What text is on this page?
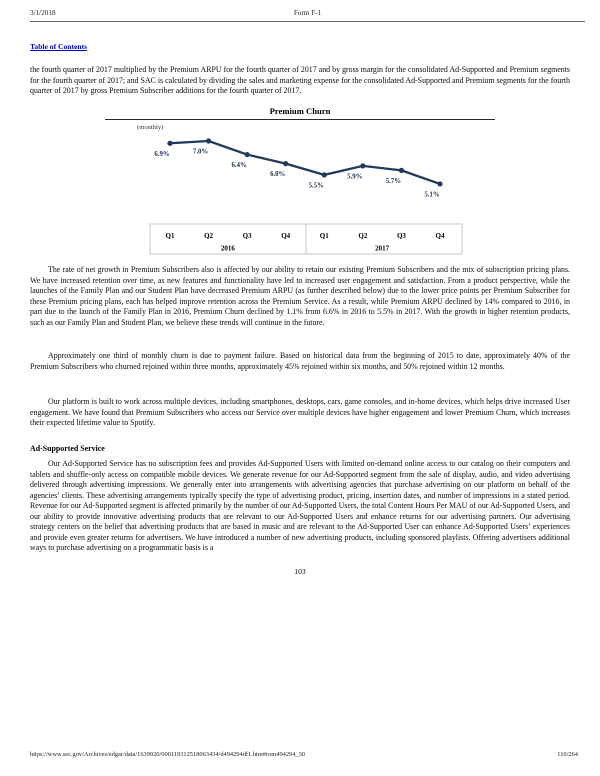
3/1/2018	Form F-1
Table of Contents
the fourth quarter of 2017 multiplied by the Premium ARPU for the fourth quarter of 2017 and by gross margin for the consolidated Ad-Supported and Premium segments for the fourth quarter of 2017; and SAC is calculated by dividing the sales and marketing expense for the consolidated Ad-Supported and Premium segments for the fourth quarter of 2017 by gross Premium Subscriber additions for the fourth quarter of 2017.
Premium Churn
(monthly)
6.9%
Q1
7.0%
Q2
6.4%
Q3
6.0%
Q4
5.5%
Q1
5.9%
Q2
5.7%
Q3
5.1%
Q4
2016	2017
The rate of net growth in Premium Subscribers also is affected by our ability to retain our existing Premium Subscribers and the mix of subscription pricing plans. We have increased retention over time, as new features and functionality have led to increased user engagement and satisfaction. From a product perspective, while the launches of the Family Plan and our Student Plan have decreased Premium ARPU (as further described below) due to the lower price points per Premium Subscriber for these Premium pricing plans, each has helped improve retention across the Premium Service. As a result, while Premium ARPU declined by 14% compared to 2016, in part due to the launch of the Family Plan in 2016, Premium Churn declined by 1.1% from 6.6% in 2016 to 5.5% in 2017. With the growth in higher retention products, such as our Family Plan and Student Plan, we believe these trends will continue in the future.
Approximately one third of monthly churn is due to payment failure. Based on historical data from the beginning of 2015 to date, approximately 40% of the Premium Subscribers who churned rejoined within three months, approximately 45% rejoined within six months, and 50% rejoined within 12 months.
Our platform is built to work across multiple devices, including smartphones, desktops, cars, game consoles, and in-home devices, which helps drive increased User engagement. We have found that Premium Subscribers who access our Service over multiple devices have higher engagement and lower Premium Churn, which increases their expected lifetime value to Spotify.
Ad-Supported Service
Our Ad-Supported Service has no subscription fees and provides Ad-Supported Users with limited on-demand online access to our catalog on their computers and tablets and shuffle-only access on compatible mobile devices. We generate revenue for our Ad-Supported segment from the sale of display, audio, and video advertising delivered through advertising impressions. We generally enter into arrangements with advertising agencies that purchase advertising on our platform on behalf of the agencies’ clients. These advertising arrangements typically specify the type of advertising product, pricing, insertion dates, and number of impressions in a stated period. Revenue for our Ad-Supported segment is affected primarily by the number of our Ad-Supported Users, the total Content Hours Per MAU of our Ad-Supported Users, and our ability to provide innovative advertising products that are relevant to our Ad-Supported Users and enhance returns for our advertising partners. Our advertising strategy centers on the belief that advertising products that are based in music and are relevant to the Ad-Supported User can enhance Ad-Supported Users’ experiences and provide even greater returns for advertisers. We have introduced a number of new advertising products, including sponsored playlists. Offering advertisers additional ways to purchase advertising on a programmatic basis is a
103
https://www.sec.gov/Archives/edgar/data/1639920/000119312518063434/d494294df1.htm#rom494294_30	110/264
